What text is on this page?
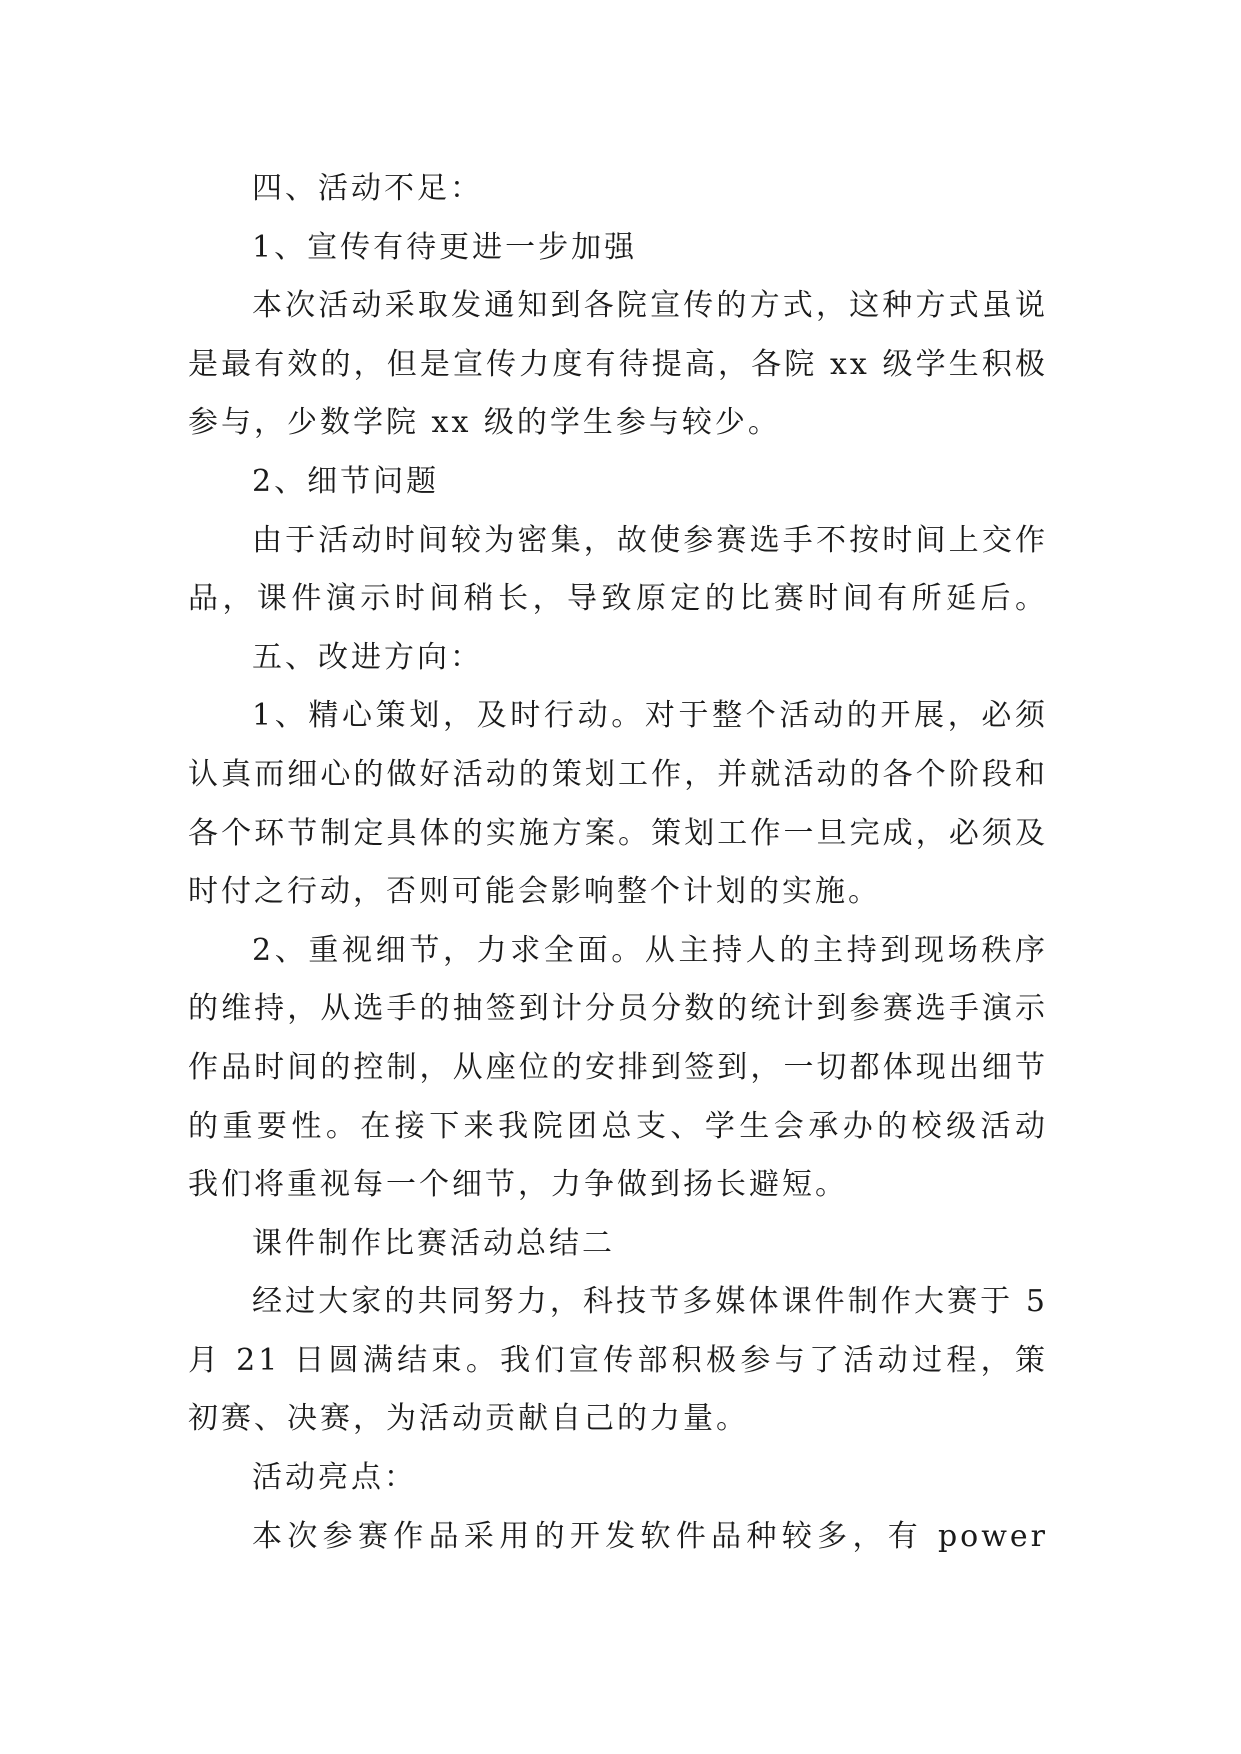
四、活动不足：
1、宣传有待更进一步加强
本次活动采取发通知到各院宣传的方式，这种方式虽说
是最有效的，但是宣传力度有待提高，各院 xx 级学生积极
参与，少数学院 xx 级的学生参与较少。
2、细节问题
由于活动时间较为密集，故使参赛选手不按时间上交作
品，课件演示时间稍长，导致原定的比赛时间有所延后。
五、改进方向：
1、精心策划，及时行动。对于整个活动的开展，必须
认真而细心的做好活动的策划工作，并就活动的各个阶段和
各个环节制定具体的实施方案。策划工作一旦完成，必须及
时付之行动，否则可能会影响整个计划的实施。
2、重视细节，力求全面。从主持人的主持到现场秩序
的维持，从选手的抽签到计分员分数的统计到参赛选手演示
作品时间的控制，从座位的安排到签到，一切都体现出细节
的重要性。在接下来我院团总支、学生会承办的校级活动
我们将重视每一个细节，力争做到扬长避短。
课件制作比赛活动总结二
经过大家的共同努力，科技节多媒体课件制作大赛于 5
月 21 日圆满结束。我们宣传部积极参与了活动过程，策
初赛、决赛，为活动贡献自己的力量。
活动亮点：
本次参赛作品采用的开发软件品种较多，有 power
